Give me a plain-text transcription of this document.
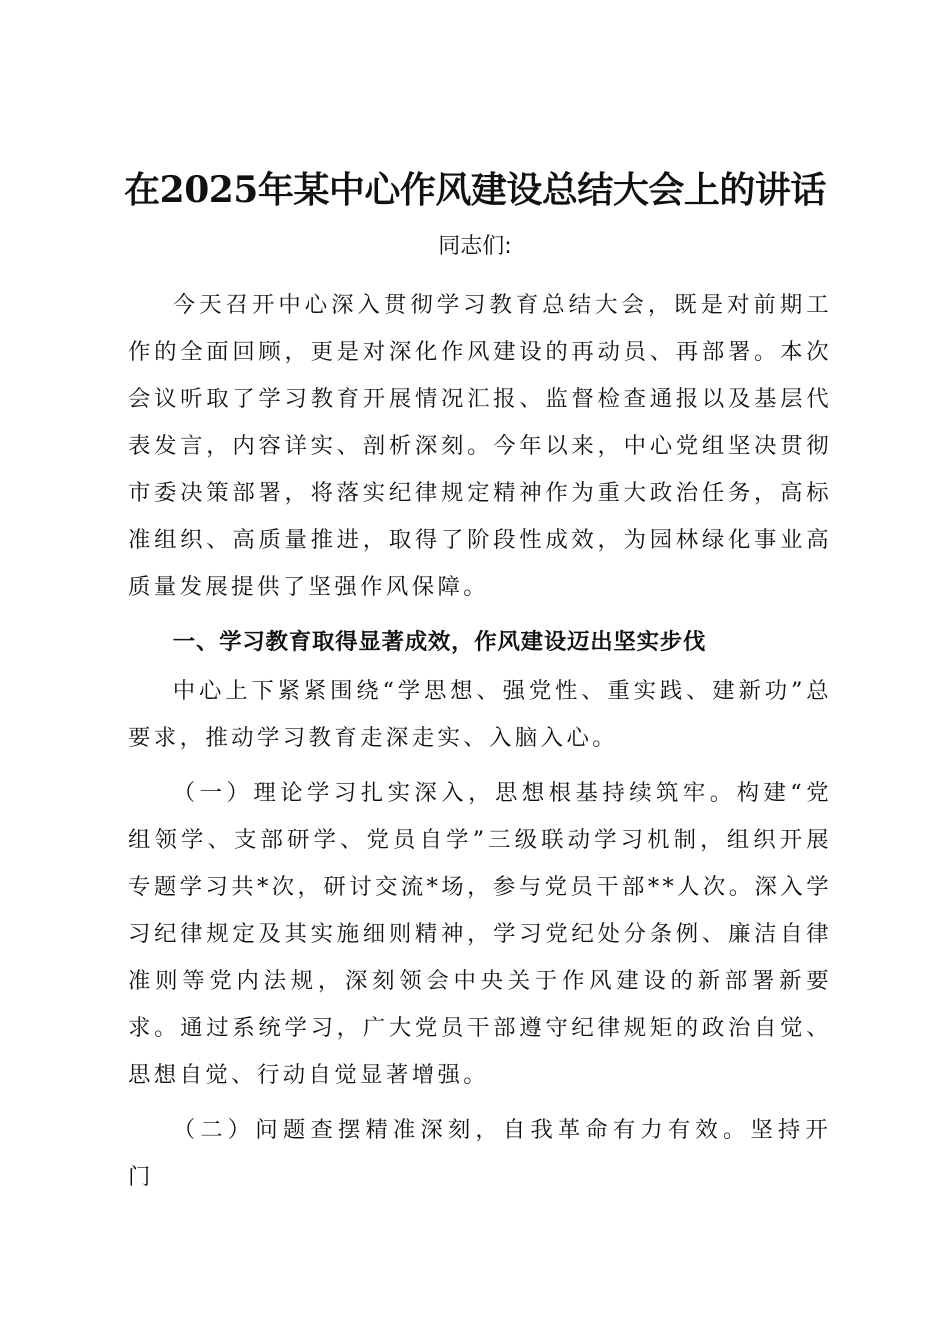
在2025年某中心作风建设总结大会上的讲话
同志们:

今天召开中心深入贯彻学习教育总结大会，既是对前期工作的全面回顾，更是对深化作风建设的再动员、再部署。本次会议听取了学习教育开展情况汇报、监督检查通报以及基层代表发言，内容详实、剖析深刻。今年以来，中心党组坚决贯彻市委决策部署，将落实纪律规定精神作为重大政治任务，高标准组织、高质量推进，取得了阶段性成效，为园林绿化事业高质量发展提供了坚强作风保障。

一、学习教育取得显著成效，作风建设迈出坚实步伐

中心上下紧紧围绕“学思想、强党性、重实践、建新功”总要求，推动学习教育走深走实、入脑入心。

（一）理论学习扎实深入，思想根基持续筑牢。构建“党组领学、支部研学、党员自学”三级联动学习机制，组织开展专题学习共*次，研讨交流*场，参与党员干部**人次。深入学习纪律规定及其实施细则精神，学习党纪处分条例、廉洁自律准则等党内法规，深刻领会中央关于作风建设的新部署新要求。通过系统学习，广大党员干部遵守纪律规矩的政治自觉、思想自觉、行动自觉显著增强。

（二）问题查摆精准深刻，自我革命有力有效。坚持开门
